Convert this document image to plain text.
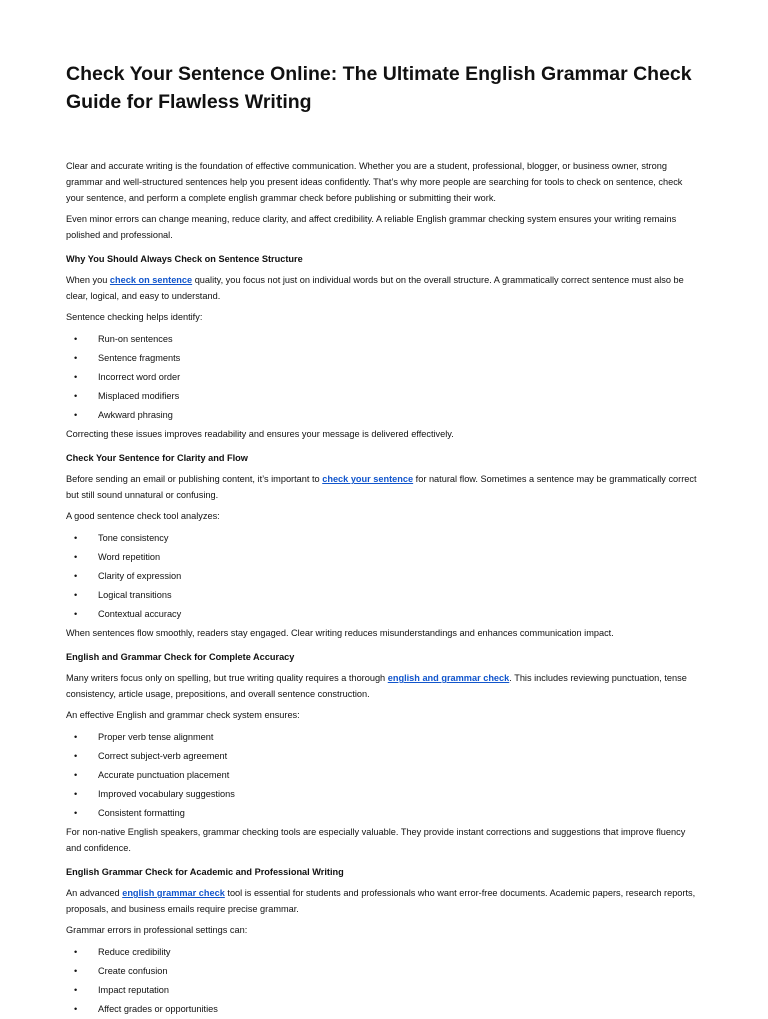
Check Your Sentence Online: The Ultimate English Grammar Check Guide for Flawless Writing

Clear and accurate writing is the foundation of effective communication. Whether you are a student, professional, blogger, or business owner, strong grammar and well-structured sentences help you present ideas confidently. That’s why more people are searching for tools to check on sentence, check your sentence, and perform a complete english grammar check before publishing or submitting their work.

Even minor errors can change meaning, reduce clarity, and affect credibility. A reliable English grammar checking system ensures your writing remains polished and professional.

Why You Should Always Check on Sentence Structure

When you check on sentence quality, you focus not just on individual words but on the overall structure. A grammatically correct sentence must also be clear, logical, and easy to understand.

Sentence checking helps identify:

• Run-on sentences
• Sentence fragments
• Incorrect word order
• Misplaced modifiers
• Awkward phrasing

Correcting these issues improves readability and ensures your message is delivered effectively.

Check Your Sentence for Clarity and Flow

Before sending an email or publishing content, it’s important to check your sentence for natural flow. Sometimes a sentence may be grammatically correct but still sound unnatural or confusing.

A good sentence check tool analyzes:

• Tone consistency
• Word repetition
• Clarity of expression
• Logical transitions
• Contextual accuracy

When sentences flow smoothly, readers stay engaged. Clear writing reduces misunderstandings and enhances communication impact.

English and Grammar Check for Complete Accuracy

Many writers focus only on spelling, but true writing quality requires a thorough english and grammar check. This includes reviewing punctuation, tense consistency, article usage, prepositions, and overall sentence construction.

An effective English and grammar check system ensures:

• Proper verb tense alignment
• Correct subject-verb agreement
• Accurate punctuation placement
• Improved vocabulary suggestions
• Consistent formatting

For non-native English speakers, grammar checking tools are especially valuable. They provide instant corrections and suggestions that improve fluency and confidence.

English Grammar Check for Academic and Professional Writing

An advanced english grammar check tool is essential for students and professionals who want error-free documents. Academic papers, research reports, proposals, and business emails require precise grammar.

Grammar errors in professional settings can:

• Reduce credibility
• Create confusion
• Impact reputation
• Affect grades or opportunities
